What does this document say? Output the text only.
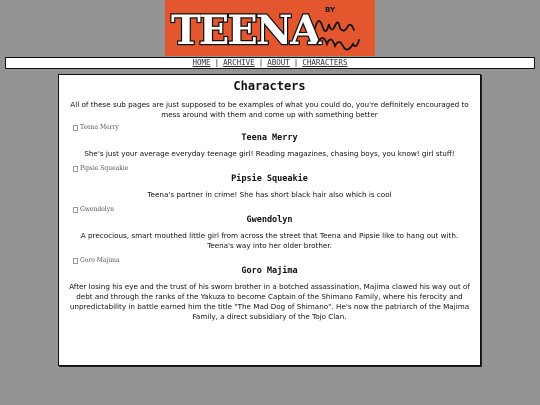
TEENA BY
HOME | ARCHIVE | ABOUT | CHARACTERS
Characters

All of these sub pages are just supposed to be examples of what you could do, you're definitely encouraged to mess around with them and come up with something better

Teena Merry
Teena Merry

She's just your average everyday teenage girl! Reading magazines, chasing boys, you know! girl stuff!

Pipsie Squeakie
Pipsie Squeakie

Teena's partner in crime! She has short black hair also which is cool

Gwendolyn
Gwendolyn

A precocious, smart mouthed little girl from across the street that Teena and Pipsie like to hang out with. Teena's way into her older brother.

Goro Majima
Goro Majima

After losing his eye and the trust of his sworn brother in a botched assassination, Majima clawed his way out of debt and through the ranks of the Yakuza to become Captain of the Shimano Family, where his ferocity and unpredictability in battle earned him the title "The Mad Dog of Shimano". He's now the patriarch of the Majima Family, a direct subsidiary of the Tojo Clan.
